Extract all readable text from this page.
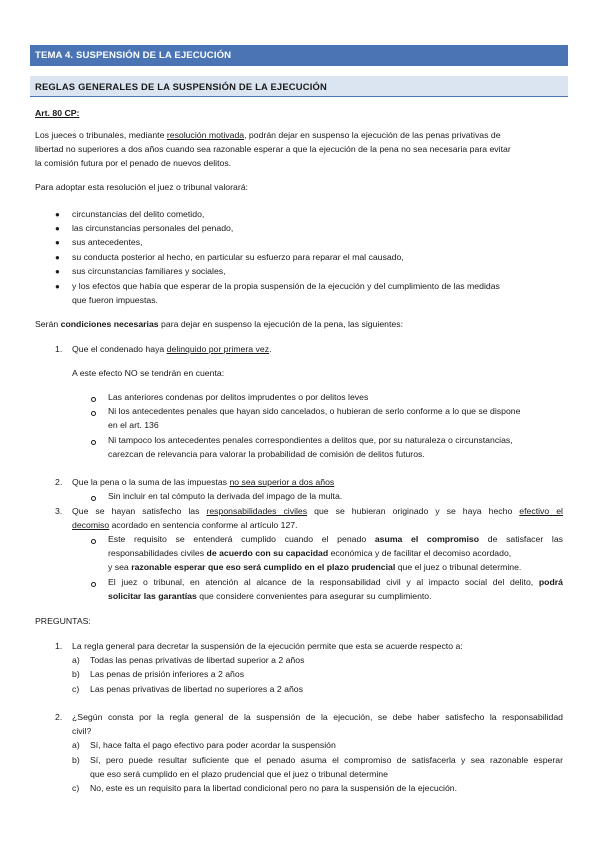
TEMA 4. SUSPENSIÓN DE LA EJECUCIÓN
REGLAS GENERALES DE LA SUSPENSIÓN DE LA EJECUCIÓN
Art. 80 CP:
Los jueces o tribunales, mediante resolución motivada, podrán dejar en suspenso la ejecución de las penas privativas de
libertad no superiores a dos años cuando sea razonable esperar a que la ejecución de la pena no sea necesaria para evitar
la comisión futura por el penado de nuevos delitos.
Para adoptar esta resolución el juez o tribunal valorará:
● circunstancias del delito cometido,
● las circunstancias personales del penado,
● sus antecedentes,
● su conducta posterior al hecho, en particular su esfuerzo para reparar el mal causado,
● sus circunstancias familiares y sociales,
● y los efectos que había que esperar de la propia suspensión de la ejecución y del cumplimiento de las medidas
que fueron impuestas.
Serán condiciones necesarias para dejar en suspenso la ejecución de la pena, las siguientes:
1. Que el condenado haya delinquido por primera vez.
A este efecto NO se tendrán en cuenta:
Las anteriores condenas por delitos imprudentes o por delitos leves
Ni los antecedentes penales que hayan sido cancelados, o hubieran de serlo conforme a lo que se dispone
en el art. 136
Ni tampoco los antecedentes penales correspondientes a delitos que, por su naturaleza o circunstancias,
carezcan de relevancia para valorar la probabilidad de comisión de delitos futuros.
2. Que la pena o la suma de las impuestas no sea superior a dos años
Sin incluir en tal cómputo la derivada del impago de la multa.
3. Que se hayan satisfecho las responsabilidades civiles que se hubieran originado y se haya hecho efectivo el
decomiso acordado en sentencia conforme al artículo 127.
Este requisito se entenderá cumplido cuando el penado asuma el compromiso de satisfacer las
responsabilidades civiles de acuerdo con su capacidad económica y de facilitar el decomiso acordado,
y sea razonable esperar que eso será cumplido en el plazo prudencial que el juez o tribunal determine.
El juez o tribunal, en atención al alcance de la responsabilidad civil y al impacto social del delito, podrá
solicitar las garantías que considere convenientes para asegurar su cumplimiento.
PREGUNTAS:
1. La regla general para decretar la suspensión de la ejecución permite que esta se acuerde respecto a:
a) Todas las penas privativas de libertad superior a 2 años
b) Las penas de prisión inferiores a 2 años
c) Las penas privativas de libertad no superiores a 2 años
2. ¿Según consta por la regla general de la suspensión de la ejecución, se debe haber satisfecho la responsabilidad
civil?
a) Sí, hace falta el pago efectivo para poder acordar la suspensión
b) Sí, pero puede resultar suficiente que el penado asuma el compromiso de satisfacerla y sea razonable esperar
que eso será cumplido en el plazo prudencial que el juez o tribunal determine
c) No, este es un requisito para la libertad condicional pero no para la suspensión de la ejecución.
